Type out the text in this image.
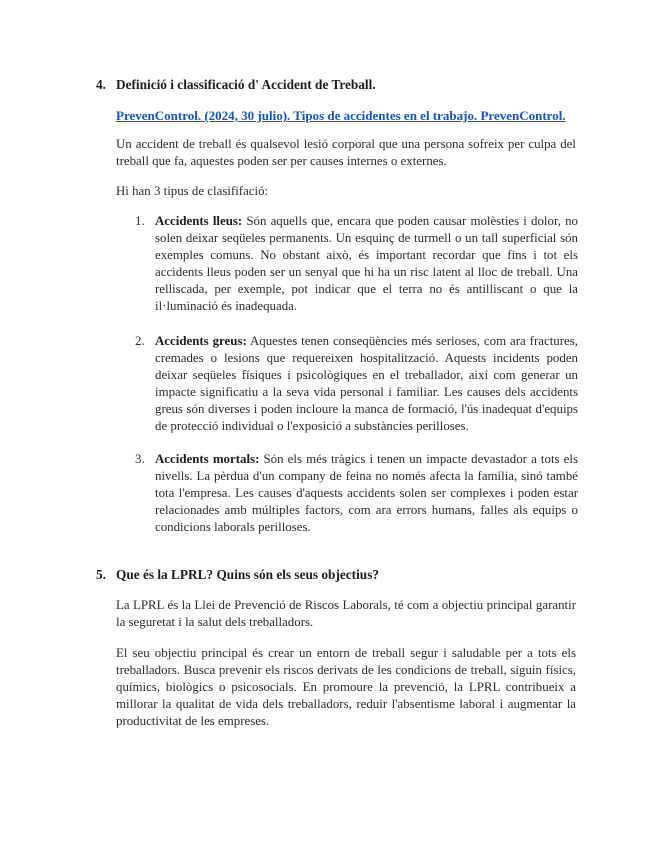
4. Definició i classificació d' Accident de Treball.
PrevenControl. (2024, 30 julio). Tipos de accidentes en el trabajo. PrevenControl.

Un accident de treball és qualsevol lesió corporal que una persona sofreix per culpa del treball que fa, aquestes poden ser per causes internes o externes.

Hi han 3 tipus de clasififació:

1. Accidents lleus: Són aquells que, encara que poden causar molèsties i dolor, no solen deixar seqüeles permanents. Un esquinç de turmell o un tall superficial són exemples comuns. No obstant això, és important recordar que fins i tot els accidents lleus poden ser un senyal que hi ha un risc latent al lloc de treball. Una relliscada, per exemple, pot indicar que el terra no és antilliscant o que la il·luminació és inadequada.
2. Accidents greus: Aquestes tenen conseqüències més serioses, com ara fractures, cremades o lesions que requereixen hospitalització. Aquests incidents poden deixar seqüeles físiques i psicològiques en el treballador, així com generar un impacte significatiu a la seva vida personal i familiar. Les causes dels accidents greus són diverses i poden incloure la manca de formació, l'ús inadequat d'equips de protecció individual o l'exposició a substàncies perilloses.
3. Accidents mortals: Són els més tràgics i tenen un impacte devastador a tots els nivells. La pèrdua d'un company de feina no només afecta la família, sinó també tota l'empresa. Les causes d'aquests accidents solen ser complexes i poden estar relacionades amb múltiples factors, com ara errors humans, falles als equips o condicions laborals perilloses.
5. Que és la LPRL? Quins són els seus objectius?

La LPRL és la Llei de Prevenció de Riscos Laborals, té com a objectiu principal garantir la seguretat i la salut dels treballadors.

El seu objectiu principal és crear un entorn de treball segur i saludable per a tots els treballadors. Busca prevenir els riscos derivats de les condicions de treball, siguin físics, químics, biològics o psicosocials. En promoure la prevenció, la LPRL contribueix a millorar la qualitat de vida dels treballadors, reduir l'absentisme laboral i augmentar la productivitat de les empreses.
